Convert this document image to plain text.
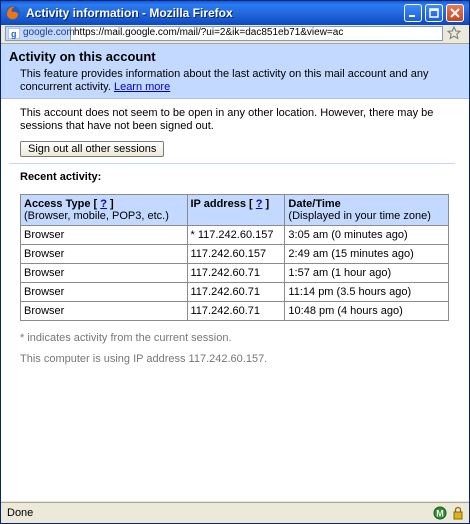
Activity information - Mozilla Firefox
g google.com https://mail.google.com/mail/?ui=2&ik=dac851eb71&view=ac
Activity on this account
This feature provides information about the last activity on this mail account and any concurrent activity. Learn more
This account does not seem to be open in any other location. However, there may be sessions that have not been signed out.
Sign out all other sessions
Recent activity:
Access Type [ ? ]
(Browser, mobile, POP3, etc.)	IP address [ ? ]	Date/Time
(Displayed in your time zone)
Browser	* 117.242.60.157	3:05 am (0 minutes ago)
Browser	117.242.60.157	2:49 am (15 minutes ago)
Browser	117.242.60.71	1:57 am (1 hour ago)
Browser	117.242.60.71	11:14 pm (3.5 hours ago)
Browser	117.242.60.71	10:48 pm (4 hours ago)
* indicates activity from the current session.
This computer is using IP address 117.242.60.157.
Done	M
